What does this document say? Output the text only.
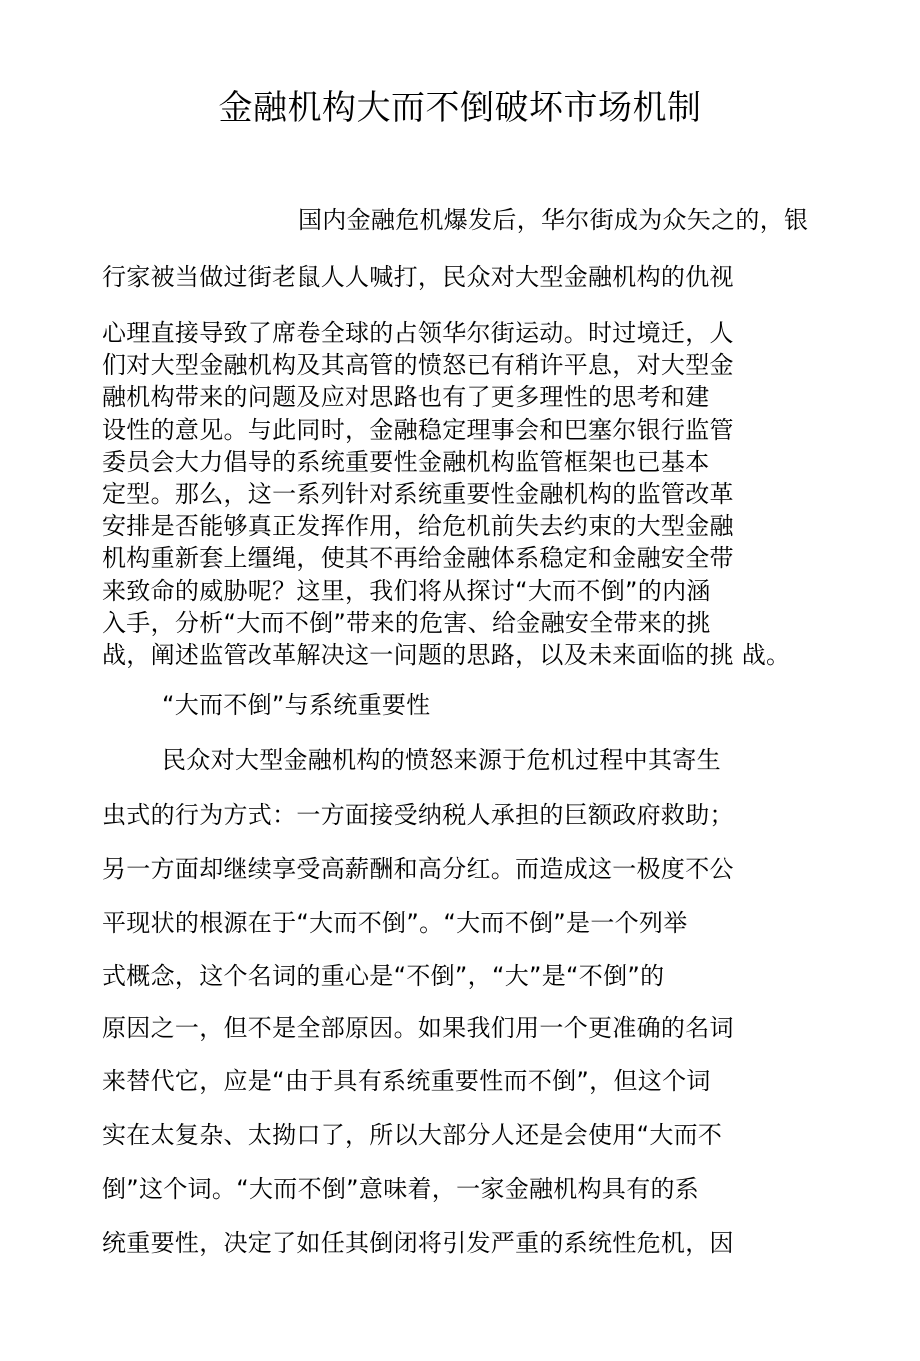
金融机构大而不倒破坏市场机制
国内金融危机爆发后，华尔街成为众矢之的，银
行家被当做过街老鼠人人喊打，民众对大型金融机构的仇视
心理直接导致了席卷全球的占领华尔街运动。时过境迁，人
们对大型金融机构及其高管的愤怒已有稍许平息，对大型金
融机构带来的问题及应对思路也有了更多理性的思考和建
设性的意见。与此同时，金融稳定理事会和巴塞尔银行监管
委员会大力倡导的系统重要性金融机构监管框架也已基本
定型。那么，这一系列针对系统重要性金融机构的监管改革
安排是否能够真正发挥作用，给危机前失去约束的大型金融
机构重新套上缰绳，使其不再给金融体系稳定和金融安全带
来致命的威胁呢？这里，我们将从探讨“大而不倒”的内涵
入手，分析“大而不倒”带来的危害、给金融安全带来的挑
战，阐述监管改革解决这一问题的思路，以及未来面临的挑 战。
“大而不倒”与系统重要性
民众对大型金融机构的愤怒来源于危机过程中其寄生
虫式的行为方式：一方面接受纳税人承担的巨额政府救助；
另一方面却继续享受高薪酬和高分红。而造成这一极度不公
平现状的根源在于“大而不倒”。“大而不倒”是一个列举
式概念，这个名词的重心是“不倒”，“大”是“不倒”的
原因之一，但不是全部原因。如果我们用一个更准确的名词
来替代它，应是“由于具有系统重要性而不倒”，但这个词
实在太复杂、太拗口了，所以大部分人还是会使用“大而不
倒”这个词。“大而不倒”意味着，一家金融机构具有的系
统重要性，决定了如任其倒闭将引发严重的系统性危机，因
